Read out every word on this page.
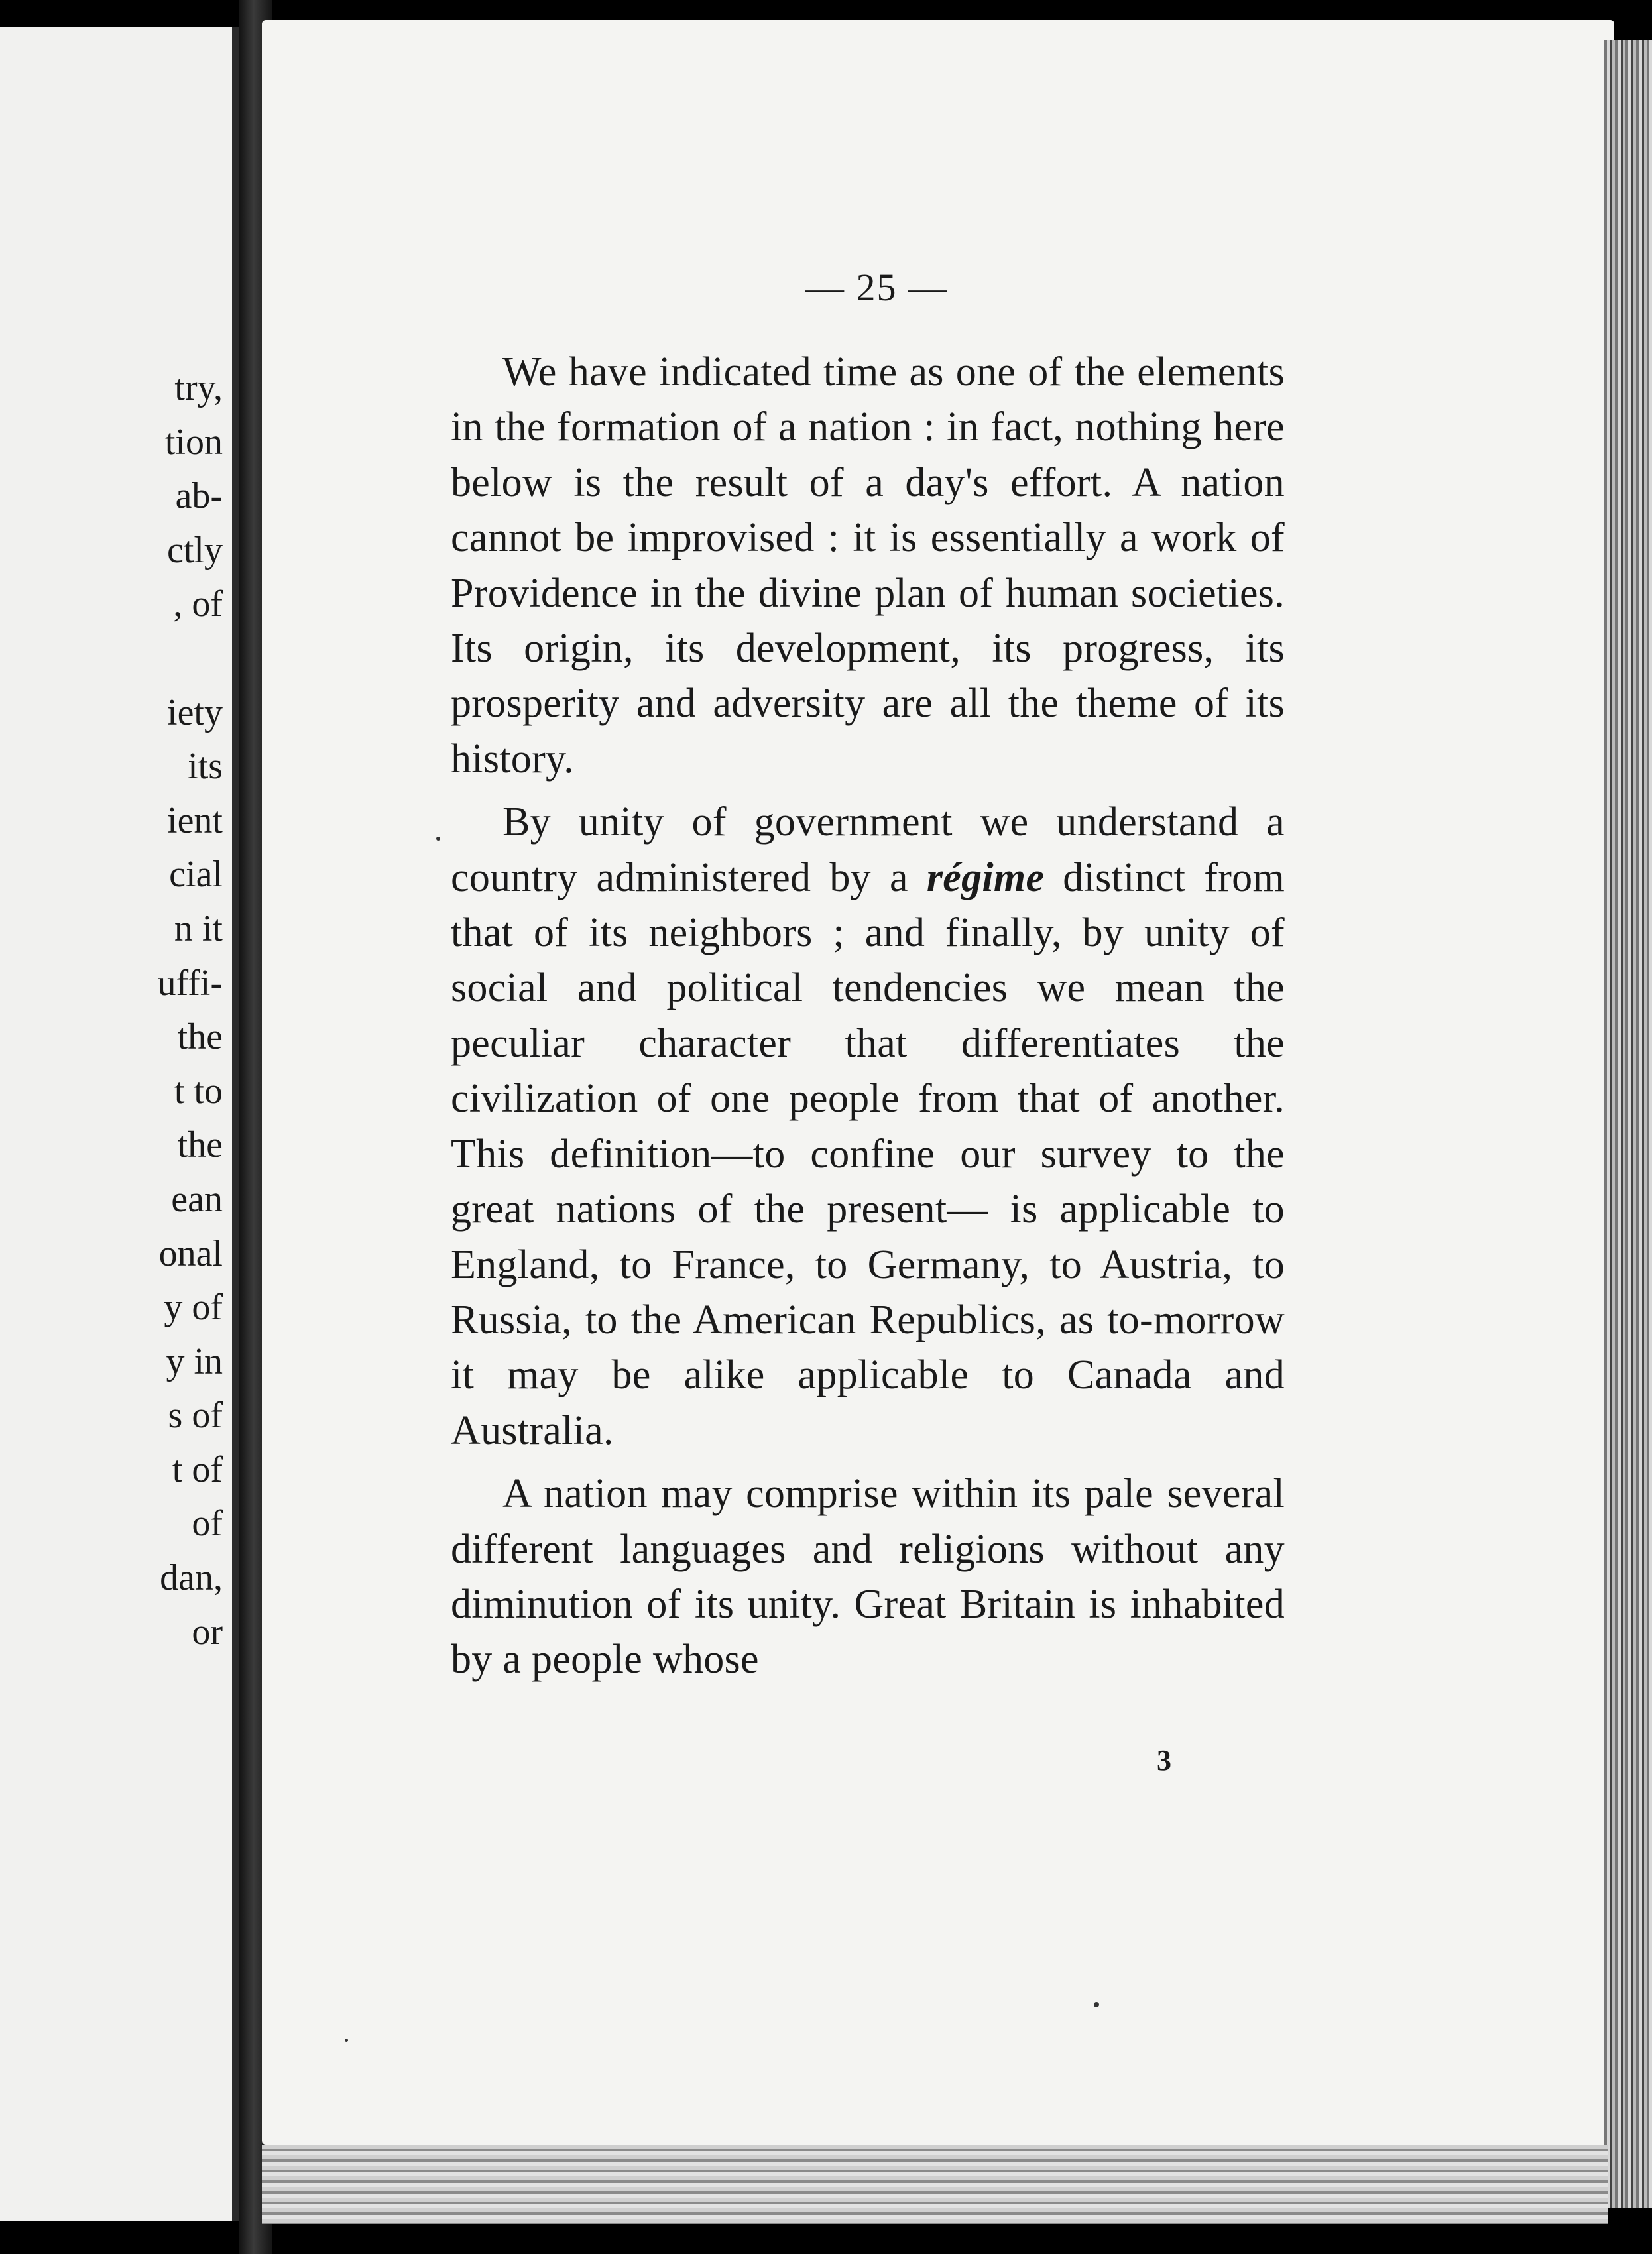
try,
tion
ab-
ctly
, of
iety
its
ient
cial
n it
uffi-
the
t to
the
ean
onal
y of
y in
s of
t of
of
dan,
or
— 25 —

We have indicated time as one of the elements in the formation of a nation : in fact, nothing here below is the result of a day's effort. A nation cannot be improvised : it is essentially a work of Providence in the divine plan of human societies. Its origin, its development, its progress, its prosperity and adversity are all the theme of its history.

By unity of government we understand a country administered by a régime distinct from that of its neighbors ; and finally, by unity of social and political tendencies we mean the peculiar character that differentiates the civilization of one people from that of another. This definition—to confine our survey to the great nations of the present— is applicable to England, to France, to Germany, to Austria, to Russia, to the American Republics, as to-morrow it may be alike applicable to Canada and Australia.

A nation may comprise within its pale several different languages and religions without any diminution of its unity. Great Britain is inhabited by a people whose

3
